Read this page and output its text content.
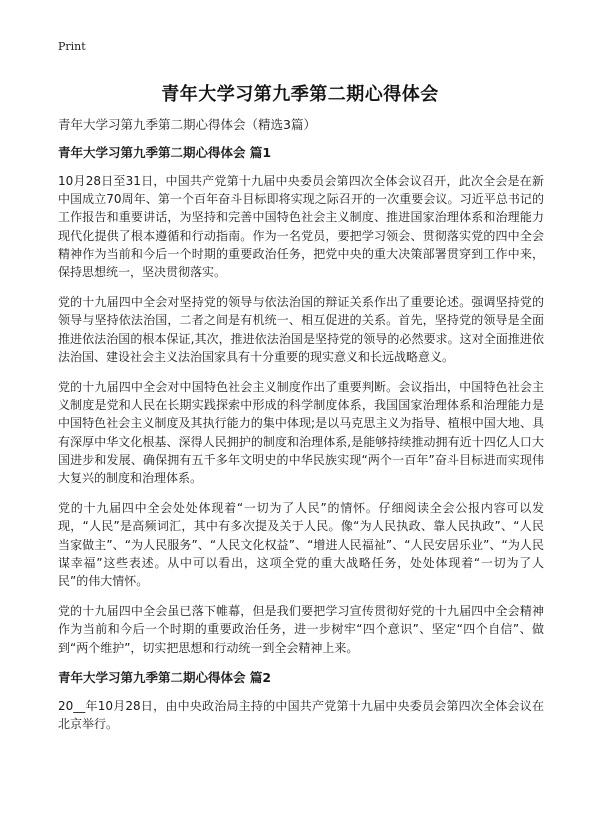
Print
青年大学习第九季第二期心得体会

青年大学习第九季第二期心得体会（精选3篇）

青年大学习第九季第二期心得体会 篇1

10月28日至31日，中国共产党第十九届中央委员会第四次全体会议召开，此次全会是在新中国成立70周年、第一个百年奋斗目标即将实现之际召开的一次重要会议。习近平总书记的工作报告和重要讲话，为坚持和完善中国特色社会主义制度、推进国家治理体系和治理能力现代化提供了根本遵循和行动指南。作为一名党员，要把学习领会、贯彻落实党的四中全会精神作为当前和今后一个时期的重要政治任务，把党中央的重大决策部署贯穿到工作中来，保持思想统一，坚决贯彻落实。

党的十九届四中全会对坚持党的领导与依法治国的辩证关系作出了重要论述。强调坚持党的领导与坚持依法治国，二者之间是有机统一、相互促进的关系。首先，坚持党的领导是全面推进依法治国的根本保证,其次，推进依法治国是坚持党的领导的必然要求。这对全面推进依法治国、建设社会主义法治国家具有十分重要的现实意义和长远战略意义。

党的十九届四中全会对中国特色社会主义制度作出了重要判断。会议指出，中国特色社会主义制度是党和人民在长期实践探索中形成的科学制度体系，我国国家治理体系和治理能力是中国特色社会主义制度及其执行能力的集中体现;是以马克思主义为指导、植根中国大地、具有深厚中华文化根基、深得人民拥护的制度和治理体系,是能够持续推动拥有近十四亿人口大国进步和发展、确保拥有五千多年文明史的中华民族实现“两个一百年”奋斗目标进而实现伟大复兴的制度和治理体系。

党的十九届四中全会处处体现着“一切为了人民”的情怀。仔细阅读全会公报内容可以发现，“人民”是高频词汇，其中有多次提及关于人民。像“为人民执政、靠人民执政”、“人民当家做主”、“为人民服务”、“人民文化权益”、“增进人民福祉”、“人民安居乐业”、“为人民谋幸福”这些表述。从中可以看出，这项全党的重大战略任务，处处体现着“一切为了人民”的伟大情怀。

党的十九届四中全会虽已落下帷幕，但是我们要把学习宣传贯彻好党的十九届四中全会精神作为当前和今后一个时期的重要政治任务，进一步树牢“四个意识”、坚定“四个自信”、做到“两个维护”，切实把思想和行动统一到全会精神上来。

青年大学习第九季第二期心得体会 篇2

20__年10月28日，由中央政治局主持的中国共产党第十九届中央委员会第四次全体会议在北京举行。
